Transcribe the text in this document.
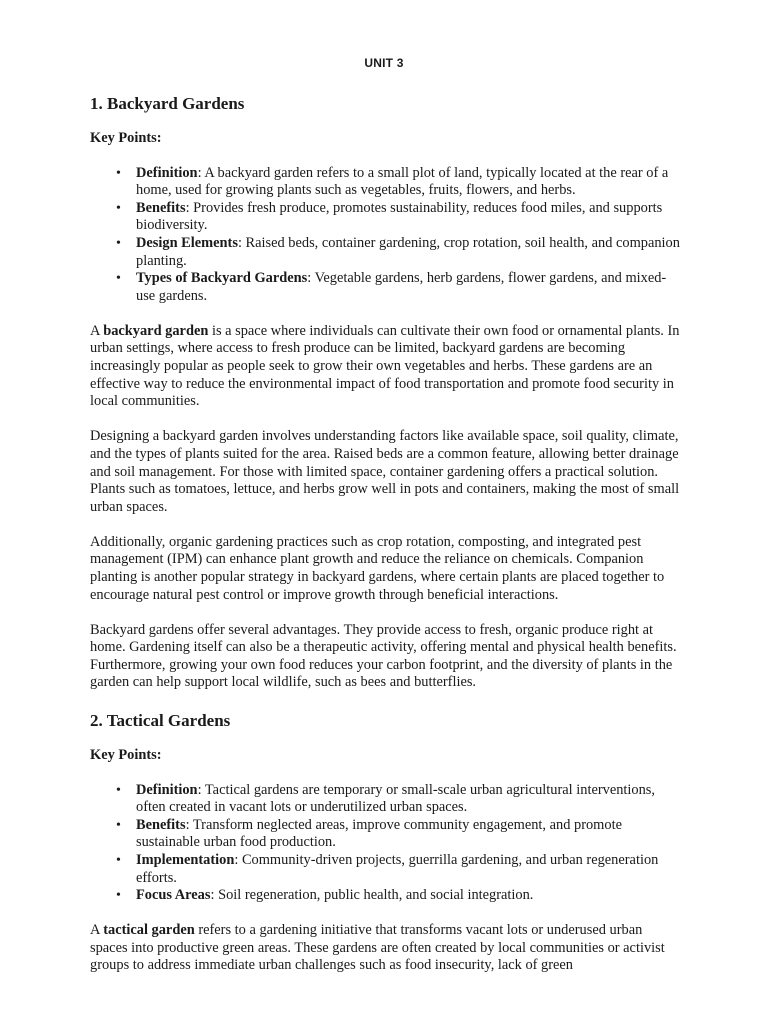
UNIT 3
1. Backyard Gardens
Key Points:
• Definition: A backyard garden refers to a small plot of land, typically located at the rear of a home, used for growing plants such as vegetables, fruits, flowers, and herbs.
• Benefits: Provides fresh produce, promotes sustainability, reduces food miles, and supports biodiversity.
• Design Elements: Raised beds, container gardening, crop rotation, soil health, and companion planting.
• Types of Backyard Gardens: Vegetable gardens, herb gardens, flower gardens, and mixed-use gardens.

A backyard garden is a space where individuals can cultivate their own food or ornamental plants. In urban settings, where access to fresh produce can be limited, backyard gardens are becoming increasingly popular as people seek to grow their own vegetables and herbs. These gardens are an effective way to reduce the environmental impact of food transportation and promote food security in local communities.

Designing a backyard garden involves understanding factors like available space, soil quality, climate, and the types of plants suited for the area. Raised beds are a common feature, allowing better drainage and soil management. For those with limited space, container gardening offers a practical solution. Plants such as tomatoes, lettuce, and herbs grow well in pots and containers, making the most of small urban spaces.

Additionally, organic gardening practices such as crop rotation, composting, and integrated pest management (IPM) can enhance plant growth and reduce the reliance on chemicals. Companion planting is another popular strategy in backyard gardens, where certain plants are placed together to encourage natural pest control or improve growth through beneficial interactions.

Backyard gardens offer several advantages. They provide access to fresh, organic produce right at home. Gardening itself can also be a therapeutic activity, offering mental and physical health benefits. Furthermore, growing your own food reduces your carbon footprint, and the diversity of plants in the garden can help support local wildlife, such as bees and butterflies.

2. Tactical Gardens
Key Points:
• Definition: Tactical gardens are temporary or small-scale urban agricultural interventions, often created in vacant lots or underutilized urban spaces.
• Benefits: Transform neglected areas, improve community engagement, and promote sustainable urban food production.
• Implementation: Community-driven projects, guerrilla gardening, and urban regeneration efforts.
• Focus Areas: Soil regeneration, public health, and social integration.

A tactical garden refers to a gardening initiative that transforms vacant lots or underused urban spaces into productive green areas. These gardens are often created by local communities or activist groups to address immediate urban challenges such as food insecurity, lack of green
